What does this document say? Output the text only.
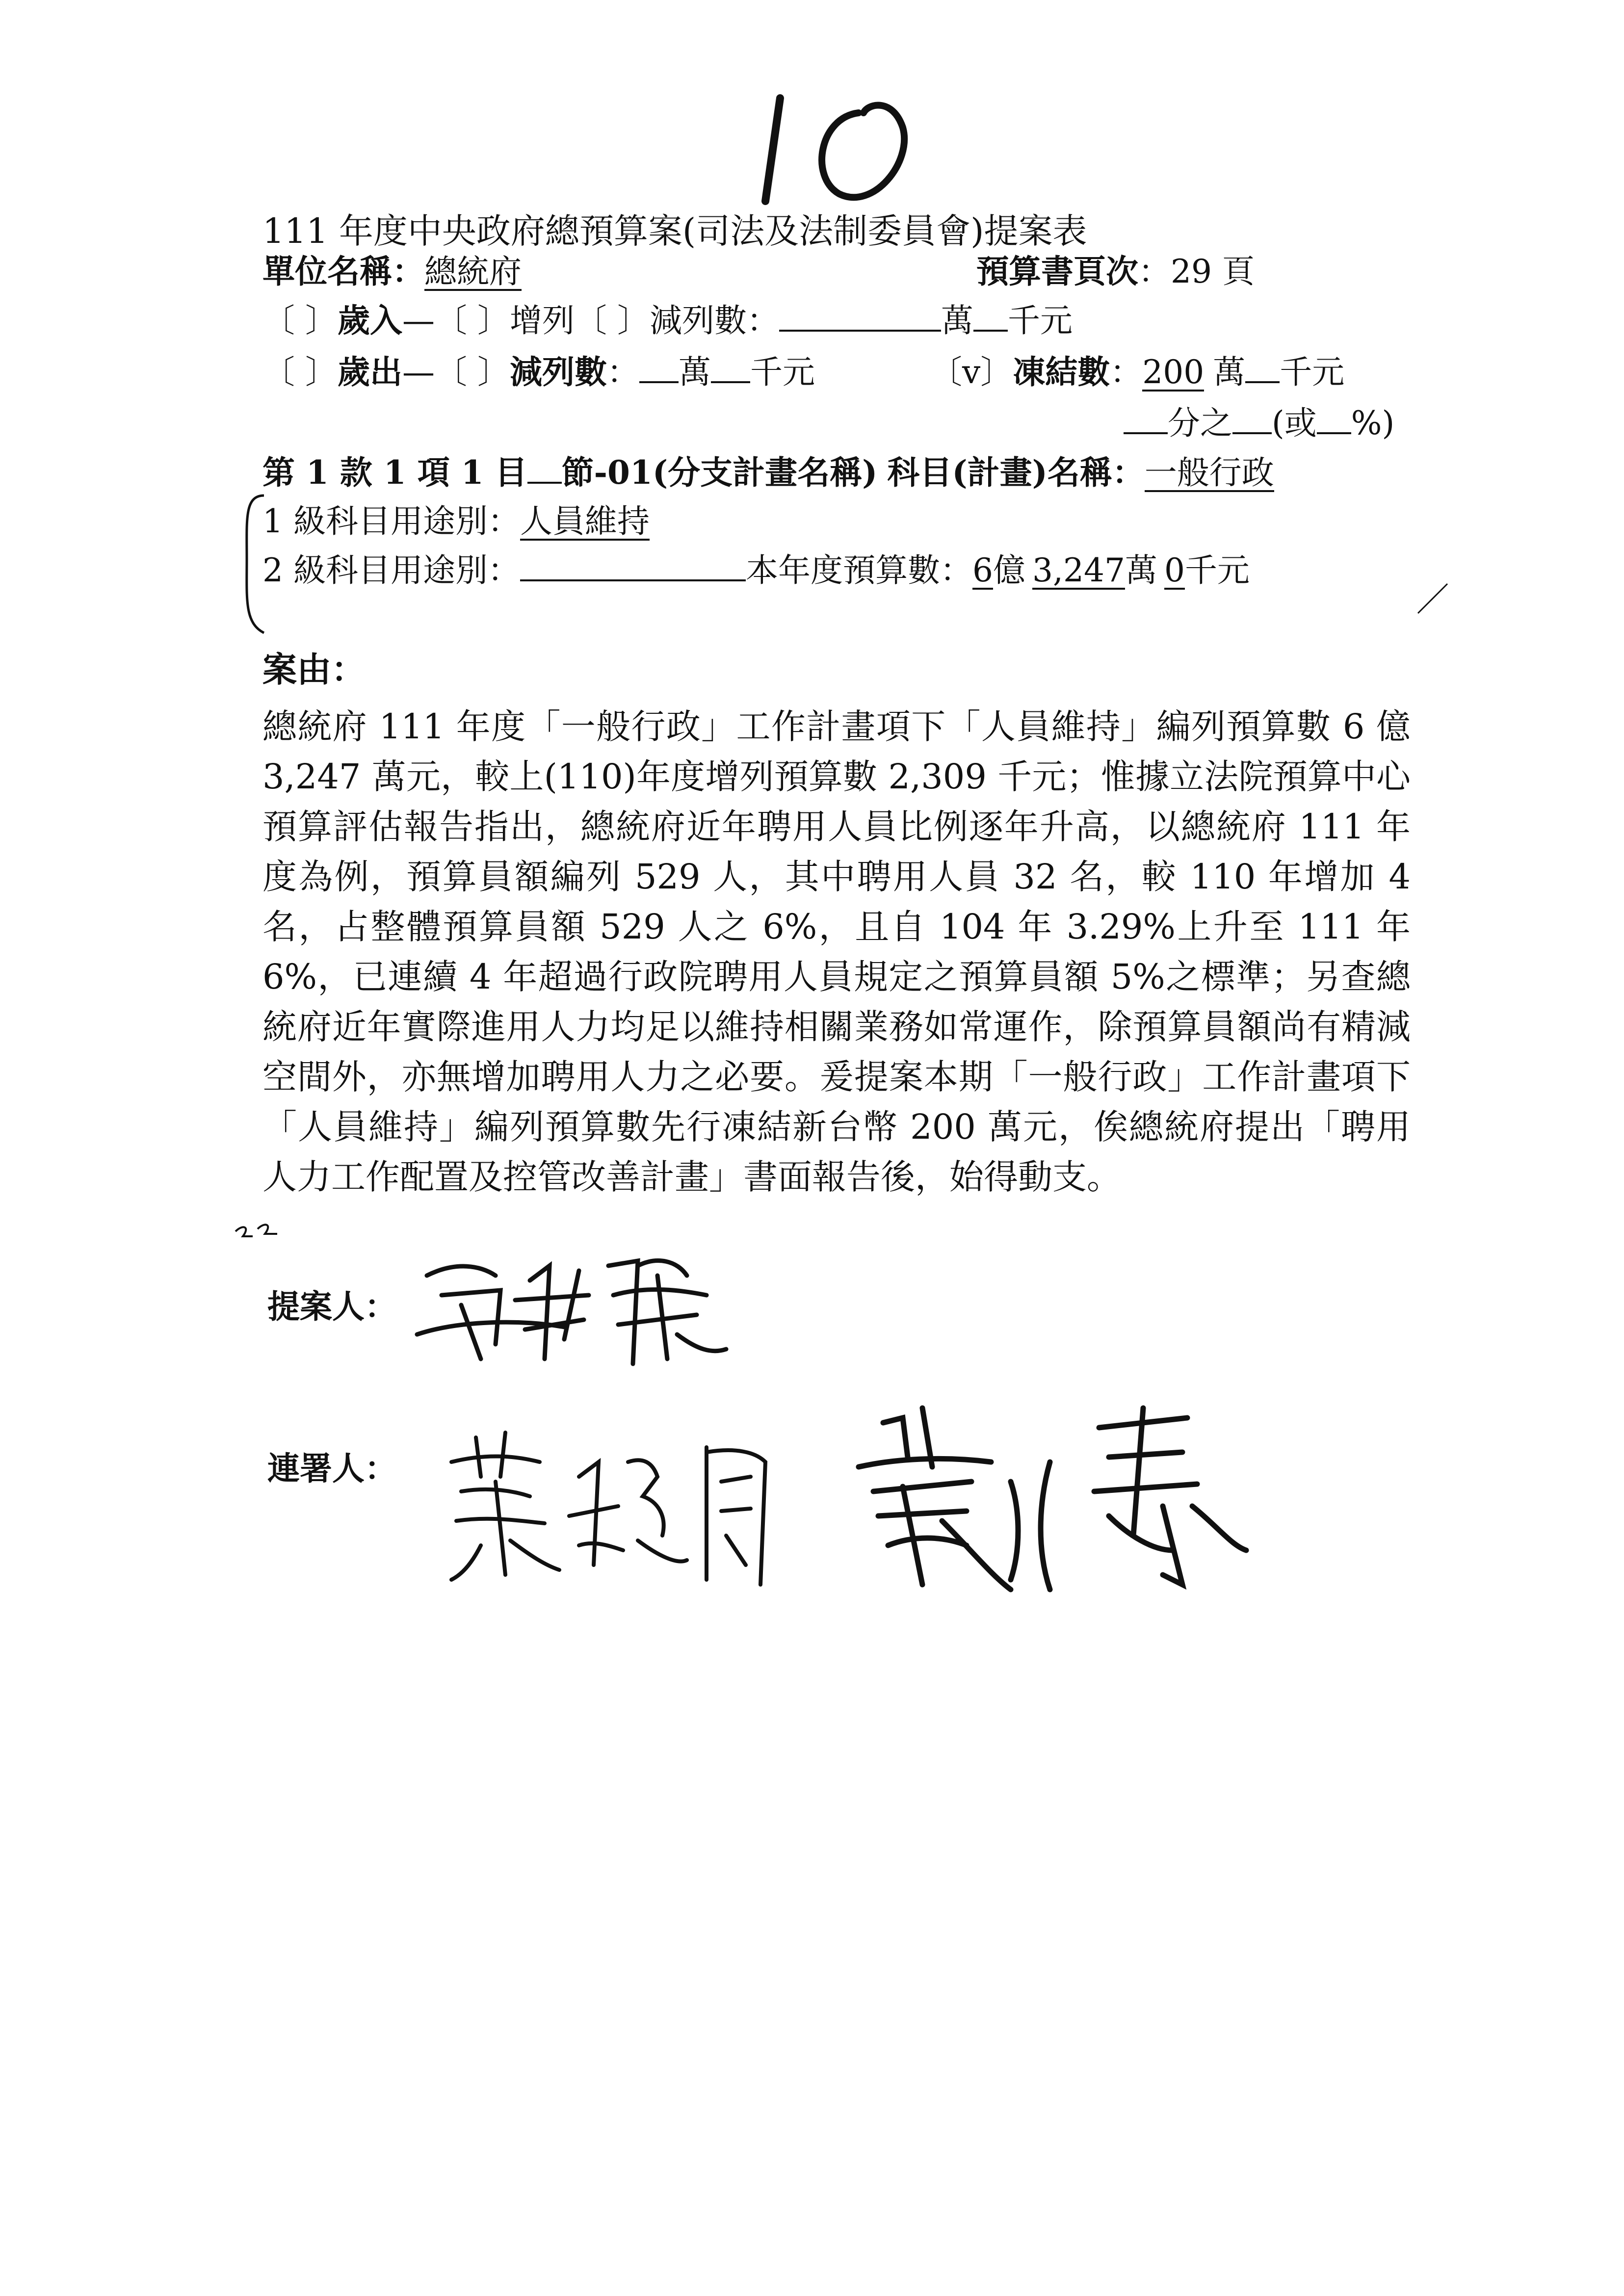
111 年度中央政府總預算案(司法及法制委員會)提案表
單位名稱：總統府	預算書頁次：29 頁
〔 〕歲入—〔 〕增列〔 〕減列數：	萬 千元
〔 〕歲出—〔 〕減列數： 萬 千元	〔v〕凍結數：200 萬 千元
分之 (或 %)
第 1 款 1 項 1 目 節-01(分支計畫名稱) 科目(計畫)名稱：一般行政
1 級科目用途別：人員維持
2 級科目用途別：	本年度預算數：6億 3,247萬 0千元
案由：
總統府 111 年度「一般行政」工作計畫項下「人員維持」編列預算數 6 億 3,247 萬元，較上(110)年度增列預算數 2,309 千元；惟據立法院預算中心預算評估報告指出，總統府近年聘用人員比例逐年升高，以總統府 111 年度為例，預算員額編列 529 人，其中聘用人員 32 名，較 110 年增加 4 名，占整體預算員額 529 人之 6%，且自 104 年 3.29%上升至 111 年 6%，已連續 4 年超過行政院聘用人員規定之預算員額 5%之標準；另查總統府近年實際進用人力均足以維持相關業務如常運作，除預算員額尚有精減空間外，亦無增加聘用人力之必要。爰提案本期「一般行政」工作計畫項下「人員維持」編列預算數先行凍結新台幣 200 萬元，俟總統府提出「聘用人力工作配置及控管改善計畫」書面報告後，始得動支。
提案人：
連署人：
